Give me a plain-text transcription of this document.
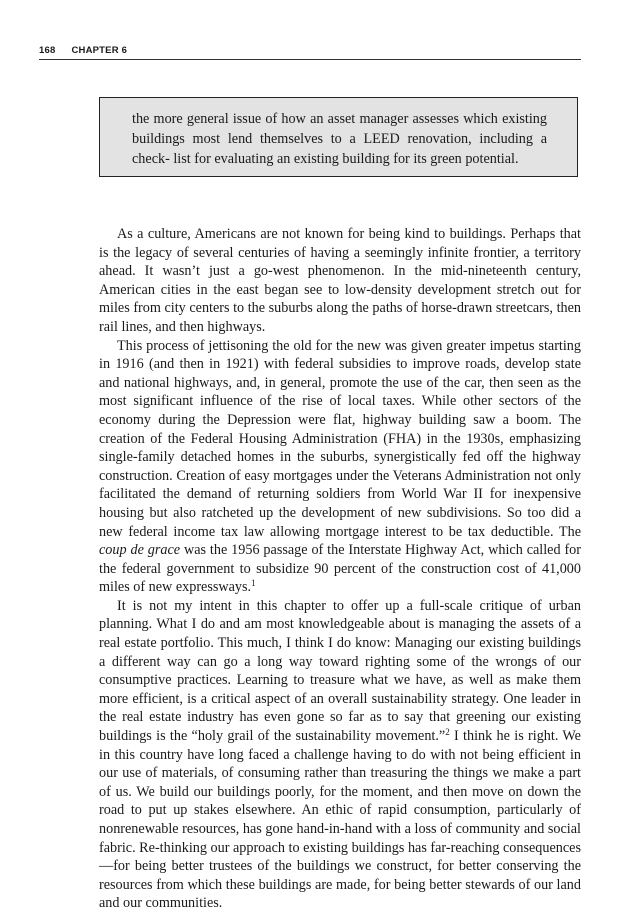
168 CHAPTER 6
the more general issue of how an asset manager assesses which existing buildings most lend themselves to a LEED renovation, including a check- list for evaluating an existing building for its green potential.

As a culture, Americans are not known for being kind to buildings. Perhaps that is the legacy of several centuries of having a seemingly infinite frontier, a territory ahead. It wasn’t just a go-west phenomenon. In the mid-nineteenth century, American cities in the east began see to low-density development stretch out for miles from city centers to the suburbs along the paths of horse-drawn streetcars, then rail lines, and then highways.

This process of jettisoning the old for the new was given greater impetus starting in 1916 (and then in 1921) with federal subsidies to improve roads, develop state and national highways, and, in general, promote the use of the car, then seen as the most significant influence of the rise of local taxes. While other sectors of the economy during the Depression were flat, highway building saw a boom. The creation of the Federal Housing Administration (FHA) in the 1930s, emphasizing single-family detached homes in the suburbs, synergistically fed off the highway construction. Creation of easy mortgages under the Veterans Administration not only facilitated the demand of returning soldiers from World War II for inexpensive housing but also ratcheted up the development of new subdivisions. So too did a new federal income tax law allowing mortgage interest to be tax deductible. The coup de grace was the 1956 passage of the Interstate Highway Act, which called for the federal government to subsidize 90 percent of the construction cost of 41,000 miles of new expressways.$^1$

It is not my intent in this chapter to offer up a full-scale critique of urban planning. What I do and am most knowledgeable about is managing the assets of a real estate portfolio. This much, I think I do know: Managing our existing buildings a different way can go a long way toward righting some of the wrongs of our consumptive practices. Learning to treasure what we have, as well as make them more efficient, is a critical aspect of an overall sustainability strategy. One leader in the real estate industry has even gone so far as to say that greening our existing buildings is the “holy grail of the sustainability movement.”$^2$ I think he is right. We in this country have long faced a challenge having to do with not being efficient in our use of materials, of consuming rather than treasuring the things we make a part of us. We build our buildings poorly, for the moment, and then move on down the road to put up stakes elsewhere. An ethic of rapid consumption, particularly of nonrenewable resources, has gone hand-in-hand with a loss of community and social fabric. Re-thinking our approach to existing buildings has far-reaching consequences—for being better trustees of the buildings we construct, for better conserving the resources from which these buildings are made, for being better stewards of our land and our communities.
